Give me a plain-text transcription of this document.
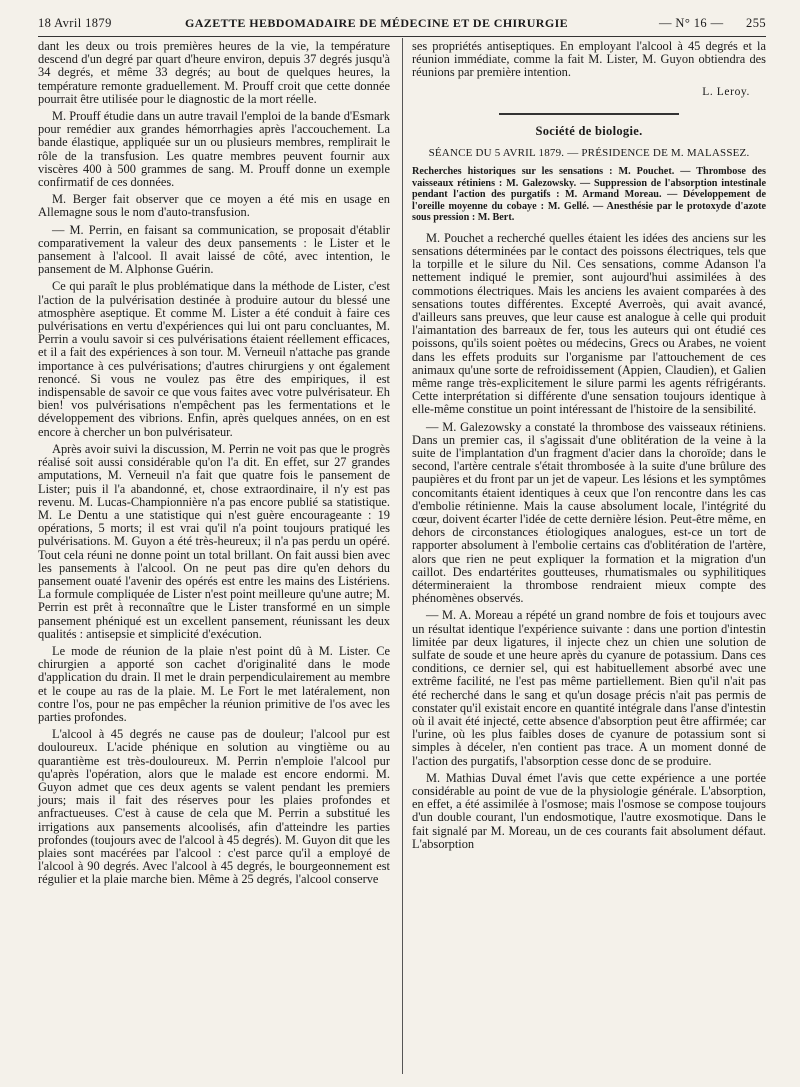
18 Avril 1879	GAZETTE HEBDOMADAIRE DE MÉDECINE ET DE CHIRURGIE	— N° 16 — 255

dant les deux ou trois premières heures de la vie, la température descend d'un degré par quart d'heure environ, depuis 37 degrés jusqu'à 34 degrés, et même 33 degrés; au bout de quelques heures, la température remonte graduellement. M. Prouff croit que cette donnée pourrait être utilisée pour le diagnostic de la mort réelle.

M. Prouff étudie dans un autre travail l'emploi de la bande d'Esmark pour remédier aux grandes hémorrhagies après l'accouchement. La bande élastique, appliquée sur un ou plusieurs membres, remplirait le rôle de la transfusion. Les quatre membres peuvent fournir aux viscères 400 à 500 grammes de sang. M. Prouff donne un exemple confirmatif de ces données.

M. Berger fait observer que ce moyen a été mis en usage en Allemagne sous le nom d'auto-transfusion.

— M. Perrin, en faisant sa communication, se proposait d'établir comparativement la valeur des deux pansements : le Lister et le pansement à l'alcool. Il avait laissé de côté, avec intention, le pansement de M. Alphonse Guérin.

Ce qui paraît le plus problématique dans la méthode de Lister, c'est l'action de la pulvérisation destinée à produire autour du blessé une atmosphère aseptique. Et comme M. Lister a été conduit à faire ces pulvérisations en vertu d'expériences qui lui ont paru concluantes, M. Perrin a voulu savoir si ces pulvérisations étaient réellement efficaces, et il a fait des expériences à son tour. M. Verneuil n'attache pas grande importance à ces pulvérisations; d'autres chirurgiens y ont également renoncé. Si vous ne voulez pas être des empiriques, il est indispensable de savoir ce que vous faites avec votre pulvérisateur. Eh bien! vos pulvérisations n'empêchent pas les fermentations et le développement des vibrions. Enfin, après quelques années, on en est encore à chercher un bon pulvérisateur.

Après avoir suivi la discussion, M. Perrin ne voit pas que le progrès réalisé soit aussi considérable qu'on l'a dit. En effet, sur 27 grandes amputations, M. Verneuil n'a fait que quatre fois le pansement de Lister; puis il l'a abandonné, et, chose extraordinaire, il n'y est pas revenu. M. Lucas-Championnière n'a pas encore publié sa statistique. M. Le Dentu a une statistique qui n'est guère encourageante : 19 opérations, 5 morts; il est vrai qu'il n'a point toujours pratiqué les pulvérisations. M. Guyon a été très-heureux; il n'a pas perdu un opéré. Tout cela réuni ne donne point un total brillant. On fait aussi bien avec les pansements à l'alcool. On ne peut pas dire qu'en dehors du pansement ouaté l'avenir des opérés est entre les mains des Listériens. La formule compliquée de Lister n'est point meilleure qu'une autre; M. Perrin est prêt à reconnaître que le Lister transformé en un simple pansement phéniqué est un excellent pansement, réunissant les deux qualités : antisepsie et simplicité d'exécution.

Le mode de réunion de la plaie n'est point dû à M. Lister. Ce chirurgien a apporté son cachet d'originalité dans le mode d'application du drain. Il met le drain perpendiculairement au membre et le coupe au ras de la plaie. M. Le Fort le met latéralement, non contre l'os, pour ne pas empêcher la réunion primitive de l'os avec les parties profondes.

L'alcool à 45 degrés ne cause pas de douleur; l'alcool pur est douloureux. L'acide phénique en solution au vingtième ou au quarantième est très-douloureux. M. Perrin n'emploie l'alcool pur qu'après l'opération, alors que le malade est encore endormi. M. Guyon admet que ces deux agents se valent pendant les premiers jours; mais il fait des réserves pour les plaies profondes et anfractueuses. C'est à cause de cela que M. Perrin a substitué les irrigations aux pansements alcoolisés, afin d'atteindre les parties profondes (toujours avec de l'alcool à 45 degrés). M. Guyon dit que les plaies sont macérées par l'alcool : c'est parce qu'il a employé de l'alcool à 90 degrés. Avec l'alcool à 45 degrés, le bourgeonnement est régulier et la plaie marche bien. Même à 25 degrés, l'alcool conserve

ses propriétés antiseptiques. En employant l'alcool à 45 degrés et la réunion immédiate, comme la fait M. Lister, M. Guyon obtiendra des réunions par première intention.

L. Leroy.
Société de biologie.
SÉANCE DU 5 AVRIL 1879. — PRÉSIDENCE DE M. MALASSEZ.
Recherches historiques sur les sensations : M. Pouchet. — Thrombose des vaisseaux rétiniens : M. Galezowsky. — Suppression de l'absorption intestinale pendant l'action des purgatifs : M. Armand Moreau. — Développement de l'oreille moyenne du cobaye : M. Gellé. — Anesthésie par le protoxyde d'azote sous pression : M. Bert.

M. Pouchet a recherché quelles étaient les idées des anciens sur les sensations déterminées par le contact des poissons électriques, tels que la torpille et le silure du Nil. Ces sensations, comme Adanson l'a nettement indiqué le premier, sont aujourd'hui assimilées à des commotions électriques. Mais les anciens les avaient comparées à des sensations toutes différentes. Excepté Averroès, qui avait avancé, d'ailleurs sans preuves, que leur cause est analogue à celle qui produit l'aimantation des barreaux de fer, tous les auteurs qui ont étudié ces poissons, qu'ils soient poètes ou médecins, Grecs ou Arabes, ne voient dans les effets produits sur l'organisme par l'attouchement de ces animaux qu'une sorte de refroidissement (Appien, Claudien), et Galien même range très-explicitement le silure parmi les agents réfrigérants. Cette interprétation si différente d'une sensation toujours identique à elle-même constitue un point intéressant de l'histoire de la sensibilité.

— M. Galezowsky a constaté la thrombose des vaisseaux rétiniens. Dans un premier cas, il s'agissait d'une oblitération de la veine à la suite de l'implantation d'un fragment d'acier dans la choroïde; dans le second, l'artère centrale s'était thrombosée à la suite d'une brûlure des paupières et du front par un jet de vapeur. Les lésions et les symptômes concomitants étaient identiques à ceux que l'on rencontre dans les cas d'embolie rétinienne. Mais la cause absolument locale, l'intégrité du cœur, doivent écarter l'idée de cette dernière lésion. Peut-être même, en dehors de circonstances étiologiques analogues, est-ce un tort de rapporter absolument à l'embolie certains cas d'oblitération de l'artère, alors que rien ne peut expliquer la formation et la migration d'un caillot. Des endartérites goutteuses, rhumatismales ou syphilitiques détermineraient la thrombose rendraient mieux compte des phénomènes observés.

— M. A. Moreau a répété un grand nombre de fois et toujours avec un résultat identique l'expérience suivante : dans une portion d'intestin limitée par deux ligatures, il injecte chez un chien une solution de sulfate de soude et une heure après du cyanure de potassium. Dans ces conditions, ce dernier sel, qui est habituellement absorbé avec une extrême facilité, ne l'est pas même partiellement. Bien qu'il n'ait pas été recherché dans le sang et qu'un dosage précis n'ait pas permis de constater qu'il existait encore en quantité intégrale dans l'anse d'intestin où il avait été injecté, cette absence d'absorption peut être affirmée; car l'urine, où les plus faibles doses de cyanure de potassium sont si simples à déceler, n'en contient pas trace. A un moment donné de l'action des purgatifs, l'absorption cesse donc de se produire.

M. Mathias Duval émet l'avis que cette expérience a une portée considérable au point de vue de la physiologie générale. L'absorption, en effet, a été assimilée à l'osmose; mais l'osmose se compose toujours d'un double courant, l'un endosmotique, l'autre exosmotique. Dans le fait signalé par M. Moreau, un de ces courants fait absolument défaut. L'absorption
